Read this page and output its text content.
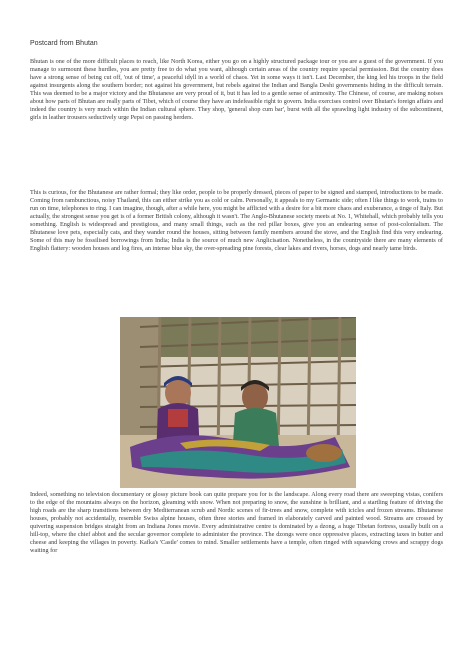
Postcard from Bhutan

Bhutan is one of the more difficult places to reach, like North Korea, either you go on a highly structured package tour or you are a guest of the government. If you manage to surmount these hurdles, you are pretty free to do what you want, although certain areas of the country require special permission. But the country does have a strong sense of being cut off, 'out of time', a peaceful idyll in a world of chaos. Yet in some ways it isn't. Last December, the king led his troops in the field against insurgents along the southern border; not against his government, but rebels against the Indian and Bangla Deshi governments hiding in the difficult terrain. This was deemed to be a major victory and the Bhutanese are very proud of it, but it has led to a gentle sense of animosity. The Chinese, of course, are making noises about how parts of Bhutan are really parts of Tibet, which of course they have an indefeasible right to govern. India exercises control over Bhutan's foreign affairs and indeed the country is very much within the Indian cultural sphere. They shop, 'general shop cum bar', burst with all the sprawling light industry of the subcontinent, girls in leather trousers seductively urge Pepsi on passing herders.

This is curious, for the Bhutanese are rather formal; they like order, people to be properly dressed, pieces of paper to be signed and stamped, introductions to be made. Coming from rambunctious, noisy Thailand, this can either strike you as cold or calm. Personally, it appeals to my Germanic side; often I like things to work, trains to run on time, telephones to ring. I can imagine, though, after a while here, you might be afflicted with a desire for a bit more chaos and exuberance, a tinge of Italy. But actually, the strongest sense you get is of a former British colony, although it wasn't. The Anglo-Bhutanese society meets at No. 1, Whitehall, which probably tells you something. English is widespread and prestigious, and many small things, such as the red pillar boxes, give you an endearing sense of post-colonialism. The Bhutanese love pets, especially cats, and they wander round the houses, sitting between family members around the stove, and the English find this very endearing. Some of this may be fossilised borrowings from India; India is the source of much new Anglicisation. Nonetheless, in the countryside there are many elements of English flattery: wooden houses and log fires, an intense blue sky, the over-spreading pine forests, clear lakes and rivers, horses, dogs and nearly tame birds.

Indeed, something no television documentary or glossy picture book can quite prepare you for is the landscape. Along every road there are sweeping vistas, conifers to the edge of the mountains always on the horizon, gleaming with snow. When not preparing to snow, the sunshine is brilliant, and a startling feature of driving the high roads are the sharp transitions between dry Mediterranean scrub and Nordic scenes of fir-trees and snow, complete with icicles and frozen streams. Bhutanese houses, probably not accidentally, resemble Swiss alpine houses, often three stories and framed in elaborately carved and painted wood. Streams are crossed by quivering suspension bridges straight from an Indiana Jones movie. Every administrative centre is dominated by a dzong, a huge Tibetan fortress, usually built on a hill-top, where the chief abbot and the secular governor complete to administer the province. The dzongs were once oppressive places, extracting taxes in butter and cheese and keeping the villages in poverty. Kafka's 'Castle' comes to mind. Smaller settlements have a temple, often ringed with squawking crows and scrappy dogs waiting for
